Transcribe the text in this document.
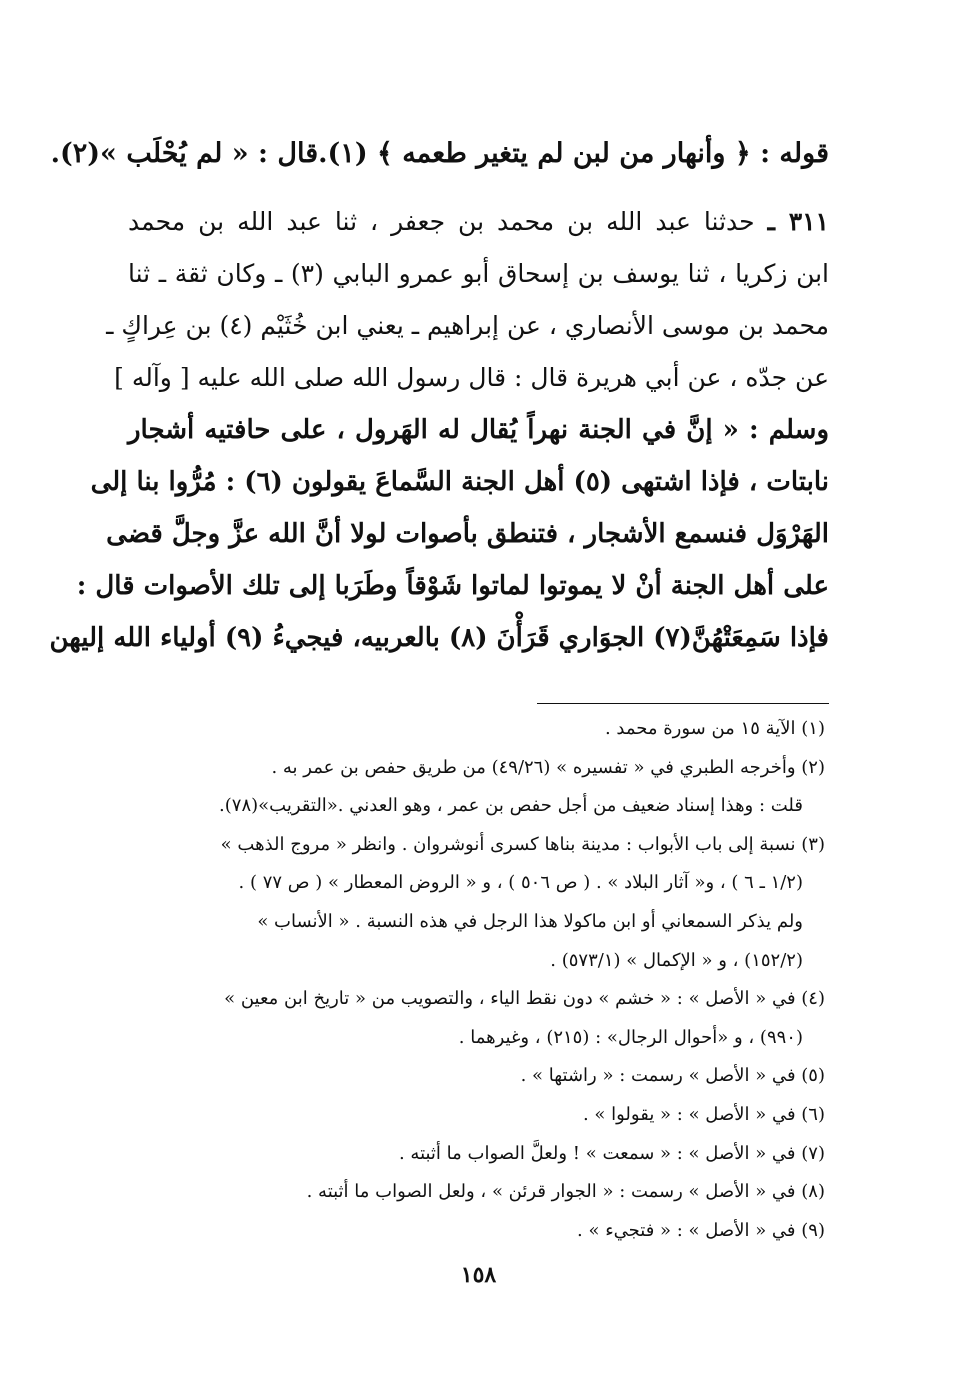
قوله : ﴿ وأنهار من لبن لم يتغير طعمه ﴾ (١).قال : « لم يُحْلَب »(٢).
٣١١ ـ حدثنا عبد الله بن محمد بن جعفر ، ثنا عبد الله بن محمد
ابن زكريا ، ثنا يوسف بن إسحاق أبو عمرو البابي (٣) ـ وكان ثقة ـ ثنا
محمد بن موسى الأنصاري ، عن إبراهيم ـ يعني ابن خُثَيْم (٤) بن عِراكٍ ـ
عن جدّه ، عن أبي هريرة قال : قال رسول الله صلى الله عليه [ وآله ]
وسلم : « إنَّ في الجنة نهراً يُقال له الهَرول ، على حافتيه أشجار
نابتات ، فإذا اشتهى (٥) أهل الجنة السَّماعَ يقولون (٦) : مُرُّوا بنا إلى
الهَرْوَل فنسمع الأشجار ، فتنطق بأصوات لولا أنَّ الله عزَّ وجلَّ قضى
على أهل الجنة أنْ لا يموتوا لماتوا شَوْقاً وطَرَبا إلى تلك الأصوات قال :
فإذا سَمِعَتْهُنَّ(٧) الجوَاري قَرَأْنَ (٨) بالعربيه، فيجيءُ (٩) أولياء الله إليهن
(١) الآية ١٥ من سورة محمد .
(٢) وأخرجه الطبري في « تفسيره » (٤٩/٢٦) من طريق حفص بن عمر به .
قلت : وهذا إسناد ضعيف من أجل حفص بن عمر ، وهو العدني .«التقريب»(٧٨).
(٣) نسبة إلى باب الأبواب : مدينة بناها كسرى أنوشروان . وانظر « مروج الذهب »
(١/٢ ـ ٦ ) ، و« آثار البلاد » . ( ص ٥٠٦ ) ، و « الروض المعطار » ( ص ٧٧ ) .
ولم يذكر السمعاني أو ابن ماكولا هذا الرجل في هذه النسبة . « الأنساب »
(١٥٢/٢) ، و « الإكمال » (٥٧٣/١) .
(٤) في « الأصل » : « خشم » دون نقط الياء ، والتصويب من « تاريخ ابن معين »
(٩٩٠) ، و «أحوال الرجال» : (٢١٥) ، وغيرهما .
(٥) في « الأصل » رسمت : « راشتها » .
(٦) في « الأصل » : « يقولوا » .
(٧) في « الأصل » : « سمعت » ! ولعلَّ الصواب ما أثبته .
(٨) في « الأصل » رسمت : « الجوار قرئن » ، ولعل الصواب ما أثبته .
(٩) في « الأصل » : « فتجيء » .
١٥٨
